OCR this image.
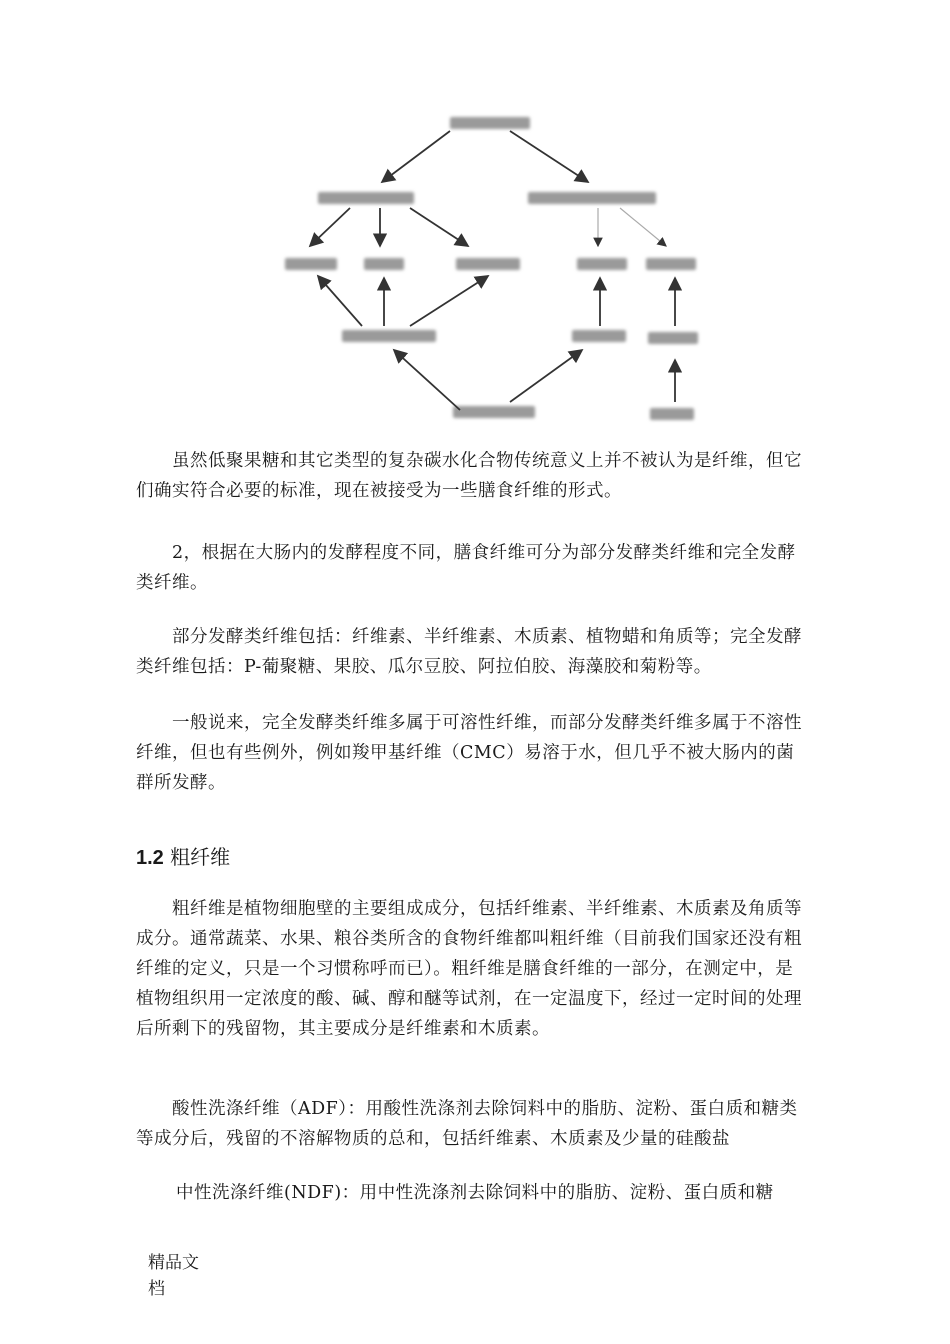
虽然低聚果糖和其它类型的复杂碳水化合物传统意义上并不被认为是纤维，但它们确实符合必要的标准，现在被接受为一些膳食纤维的形式。

2，根据在大肠内的发酵程度不同，膳食纤维可分为部分发酵类纤维和完全发酵类纤维。

部分发酵类纤维包括：纤维素、半纤维素、木质素、植物蜡和角质等；完全发酵类纤维包括：P-葡聚糖、果胶、瓜尔豆胶、阿拉伯胶、海藻胶和菊粉等。

一般说来，完全发酵类纤维多属于可溶性纤维，而部分发酵类纤维多属于不溶性纤维，但也有些例外，例如羧甲基纤维（CMC）易溶于水，但几乎不被大肠内的菌群所发酵。

1.2 粗纤维

粗纤维是植物细胞壁的主要组成成分，包括纤维素、半纤维素、木质素及角质等成分。通常蔬菜、水果、粮谷类所含的食物纤维都叫粗纤维（目前我们国家还没有粗纤维的定义，只是一个习惯称呼而已）。粗纤维是膳食纤维的一部分，在测定中，是植物组织用一定浓度的酸、碱、醇和醚等试剂，在一定温度下，经过一定时间的处理后所剩下的残留物，其主要成分是纤维素和木质素。

酸性洗涤纤维（ADF）：用酸性洗涤剂去除饲料中的脂肪、淀粉、蛋白质和糖类等成分后，残留的不溶解物质的总和，包括纤维素、木质素及少量的硅酸盐

中性洗涤纤维(NDF)：用中性洗涤剂去除饲料中的脂肪、淀粉、蛋白质和糖

精品文档
